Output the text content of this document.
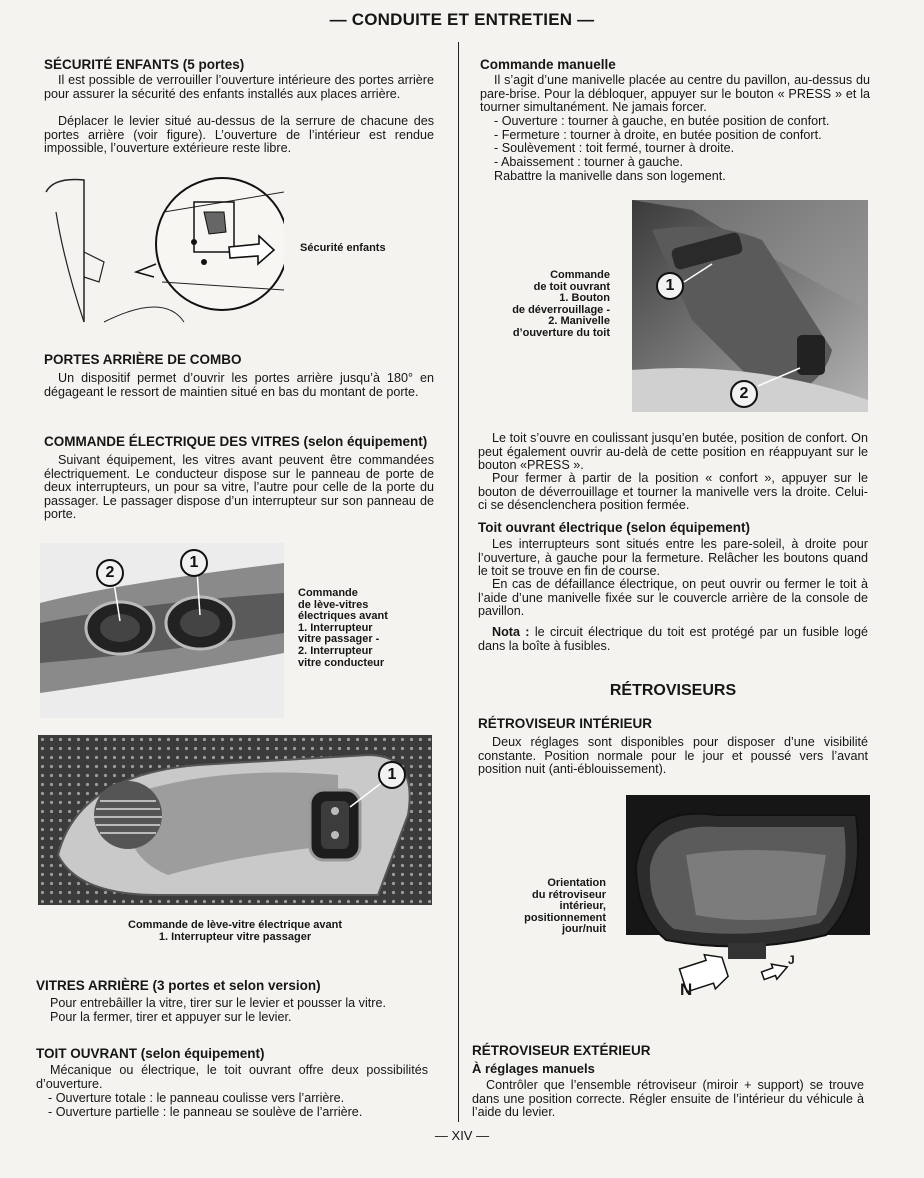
— CONDUITE ET ENTRETIEN —
SÉCURITÉ ENFANTS (5 portes)

Il est possible de verrouiller l’ouverture intérieure des portes arrière pour assurer la sécurité des enfants installés aux places arrière.

Déplacer le levier situé au-dessus de la serrure de chacune des portes arrière (voir figure). L’ouverture de l’intérieur est rendue impossible, l’ouverture extérieure reste libre.

Sécurité enfants
PORTES ARRIÈRE DE COMBO

Un dispositif permet d’ouvrir les portes arrière jusqu’à 180° en dégageant le ressort de maintien situé en bas du montant de porte.

COMMANDE ÉLECTRIQUE DES VITRES (selon équipement)

Suivant équipement, les vitres avant peuvent être commandées électriquement. Le conducteur dispose sur le panneau de porte de deux interrupteurs, un pour sa vitre, l’autre pour celle de la porte du passager. Le passager dispose d’un interrupteur sur son panneau de porte.

2
1
Commande
de lève-vitres
électriques avant
1. Interrupteur
vitre passager -
2. Interrupteur
vitre conducteur
1
Commande de lève-vitre électrique avant
1. Interrupteur vitre passager
VITRES ARRIÈRE (3 portes et selon version)

Pour entrebâiller la vitre, tirer sur le levier et pousser la vitre.

Pour la fermer, tirer et appuyer sur le levier.

TOIT OUVRANT (selon équipement)

Mécanique ou électrique, le toit ouvrant offre deux possibilités d’ouverture.

- Ouverture totale : le panneau coulisse vers l’arrière.

- Ouverture partielle : le panneau se soulève de l’arrière.

Commande manuelle

Il s’agit d’une manivelle placée au centre du pavillon, au-dessus du pare-brise. Pour la débloquer, appuyer sur le bouton « PRESS » et la tourner simultanément. Ne jamais forcer.

- Ouverture : tourner à gauche, en butée position de confort.

- Fermeture : tourner à droite, en butée position de confort.

- Soulèvement : toit fermé, tourner à droite.

- Abaissement : tourner à gauche.

Rabattre la manivelle dans son logement.

Commande
de toit ouvrant
1. Bouton
de déverrouillage -
2. Manivelle
d’ouverture du toit
1
2

Le toit s’ouvre en coulissant jusqu’en butée, position de confort. On peut également ouvrir au-delà de cette position en réappuyant sur le bouton «PRESS ».

Pour fermer à partir de la position « confort », appuyer sur le bouton de déverrouillage et tourner la manivelle vers la droite. Celui-ci se désenclenchera position fermée.

Toit ouvrant électrique (selon équipement)

Les interrupteurs sont situés entre les pare-soleil, à droite pour l’ouverture, à gauche pour la fermeture. Relâcher les boutons quand le toit se trouve en fin de course.

En cas de défaillance électrique, on peut ouvrir ou fermer le toit à l’aide d’une manivelle fixée sur le couvercle arrière de la console de pavillon.

Nota : le circuit électrique du toit est protégé par un fusible logé dans la boîte à fusibles.

RÉTROVISEURS
RÉTROVISEUR INTÉRIEUR

Deux réglages sont disponibles pour disposer d’une visibilité constante. Position normale pour le jour et poussé vers l’avant position nuit (anti-éblouissement).

Orientation
du rétroviseur
intérieur,
positionnement
jour/nuit
N
J
RÉTROVISEUR EXTÉRIEUR
À réglages manuels

Contrôler que l’ensemble rétroviseur (miroir + support) se trouve dans une position correcte. Régler ensuite de l’intérieur du véhicule à l’aide du levier.

— XIV —
